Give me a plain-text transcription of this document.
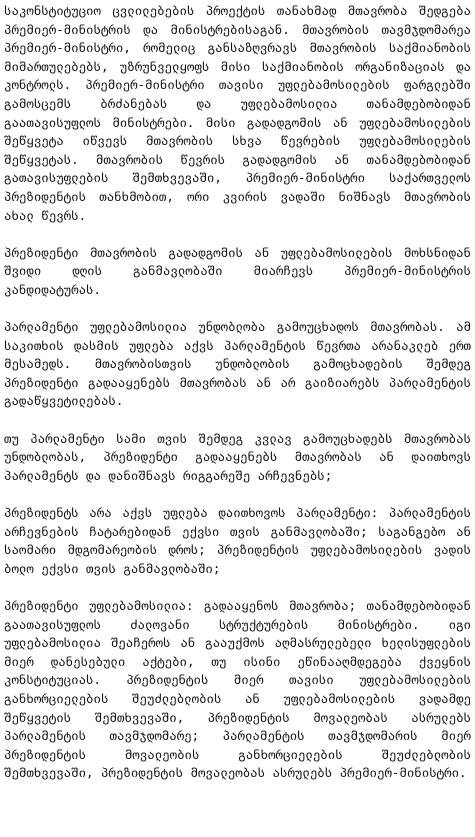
საკონსტიტუციო ცვლილებების პროექტის თანახმად მთავრობა შედგება პრემიერ-მინისტრის და მინისტრებისაგან. მთავრობის თავმჯდომარეა პრემიერ-მინისტრი, რომელიც განსაზღვრავს მთავრობის საქმიანობის მიმართულებებს, უზრუნველყოფს მისი საქმიანობის ორგანიზაციას და კონტროლს. პრემიერ-მინისტრი თავისი უფლებამოსილების ფარგლებში გამოსცემს ბრძანებას და უფლებამოსილია თანამდებობიდან გაათავისუფლოს მინისტრები. მისი გადადგომის ან უფლებამოსილების შეწყვეტა იწვევს მთავრობის სხვა წევრების უფლებამოსილების შეწყვეტას. მთავრობის წევრის გადადგომის ან თანამდებობიდან გათავისუფლების შემთხვევაში, პრემიერ-მინისტრი საქართველოს პრეზიდენტის თანხმობით, ორი კვირის ვადაში ნიშნავს მთავრობის ახალ წევრს.

პრეზიდენტი მთავრობის გადადგომის ან უფლებამოსილების მოხსნიდან შვიდი დღის განმავლობაში მიარჩევს პრემიერ-მინისტრის კანდიდატურას.

პარლამენტი უფლებამოსილია უნდობლობა გამოუცხადოს მთავრობას. ამ საკითხის დასმის უფლება აქვს პარლამენტის წევრთა არანაკლებ ერთ მესამედს. მთავრობისთვის უნდობლობის გამოცხადების შემდეგ პრეზიდენტი გადააყენებს მთავრობას ან არ გაიზიარებს პარლამენტის გადაწყვეტილებას.

თუ პარლამენტი სამი თვის შემდეგ კვლავ გამოუცხადებს მთავრობას უნდობლობას, პრეზიდენტი გადააყენებს მთავრობას ან დაითხოვს პარლამენტს და დანიშნავს რიგგარეშე არჩევნებს;

პრეზიდენტს არა აქვს უფლება დაითხოვოს პარლამენტი: პარლამენტის არჩევნების ჩატარებიდან ექვსი თვის განმავლობაში; საგანგებო ან საომარი მდგომარეობის დროს; პრეზიდენტის უფლებამოსილების ვადის ბოლო ექვსი თვის განმავლობაში;

პრეზიდენტი უფლებამოსილია: გადააყენოს მთავრობა; თანამდებობიდან გაათავისუფლოს ძალოვანი სტრუქტურების მინისტრები. იგი უფლებამოსილია შეაჩეროს ან გააუქმოს აღმასრულებელი ხელისუფლების მიერ დანესებული აქტები, თუ ისინი ეწინააღმდეგება ქვეყნის კონსტიტუციას. პრეზიდენტის მიერ თავისი უფლებამოსილების განხორციელების შეუძლებლობის ან უფლებამოსილების ვადამდე შეწყვეტის შემთხვევაში, პრეზიდენტის მოვალეობას ასრულებს პარლამენტის თავმჯდომარე; პარლამენტის თავმჯდომარის მიერ პრეზიდენტის მოვალეობის განხორციელების შეუძლებლობის შემთხვევაში, პრეზიდენტის მოვალეობას ასრულებს პრემიერ-მინისტრი.
